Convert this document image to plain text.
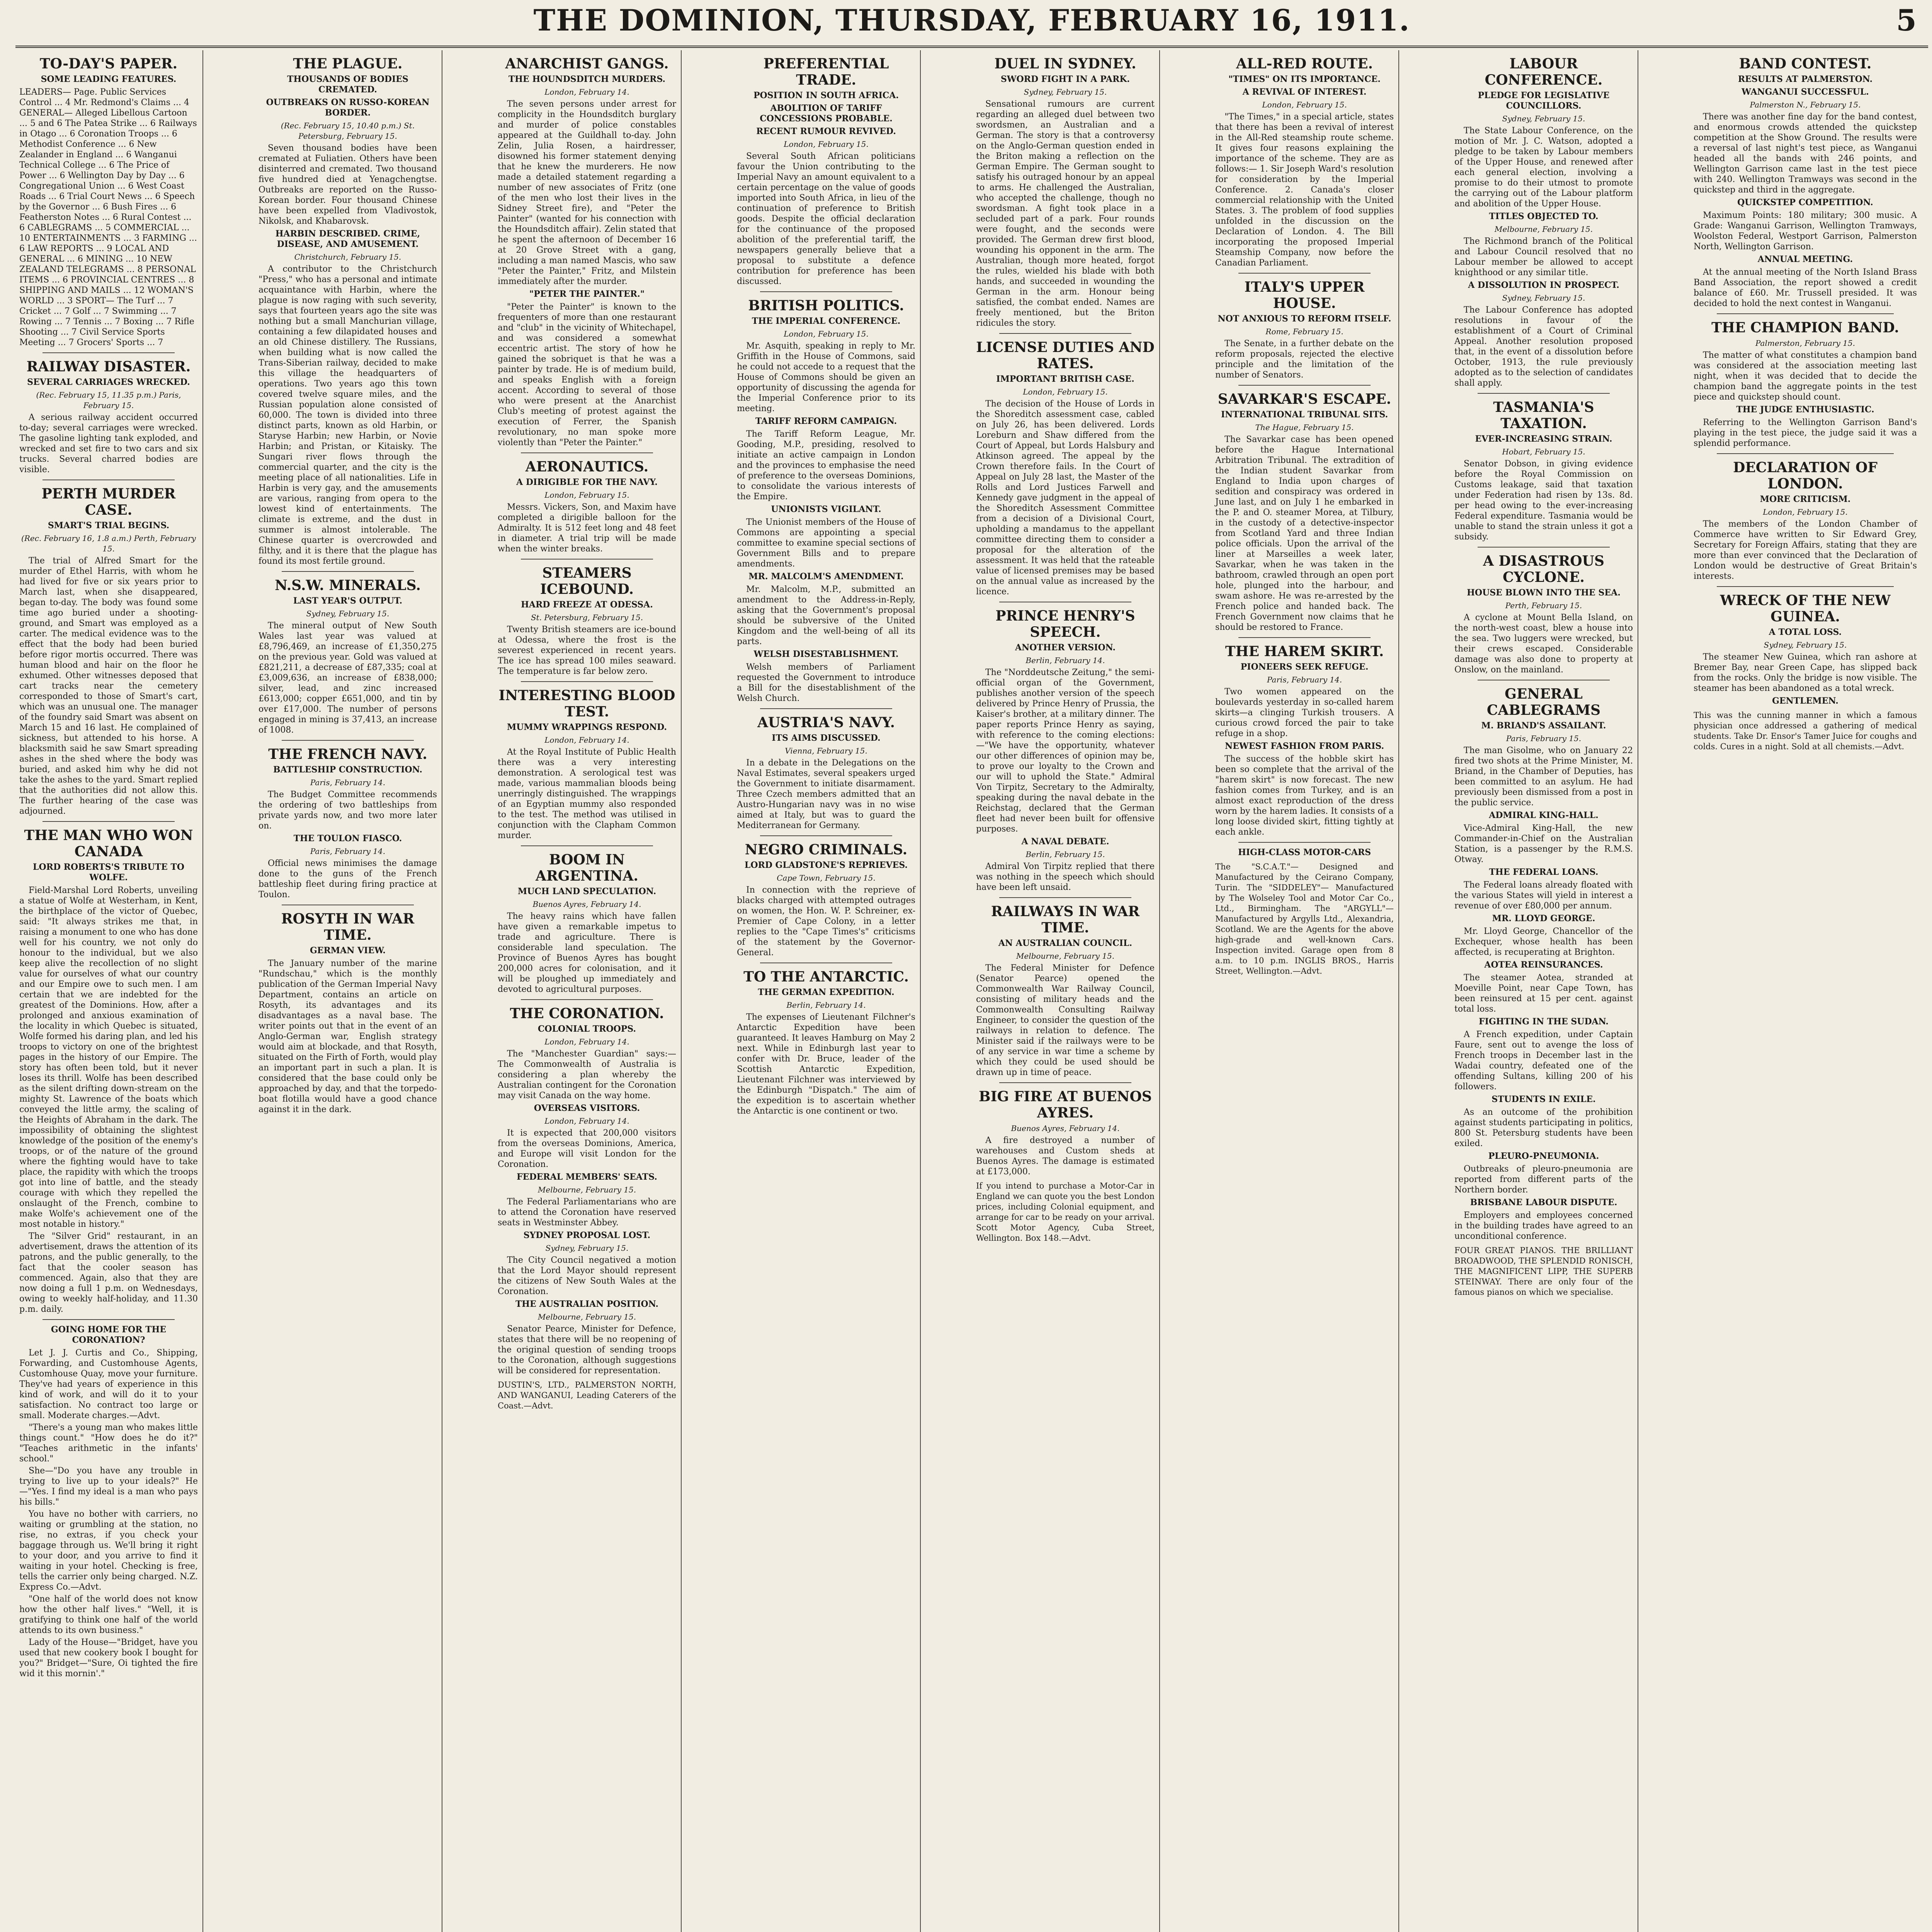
THE DOMINION, THURSDAY, FEBRUARY 16, 1911.	5
TO-DAY'S PAPER.
SOME LEADING FEATURES.
LEADERS— Page. Public Services Control ... 4 Mr. Redmond's Claims ... 4 GENERAL— Alleged Libellous Cartoon ... 5 and 6 The Patea Strike ... 6 Railways in Otago ... 6 Coronation Troops ... 6 Methodist Conference ... 6 New Zealander in England ... 6 Wanganui Technical College ... 6 The Price of Power ... 6 Wellington Day by Day ... 6 Congregational Union ... 6 West Coast Roads ... 6 Trial Court News ... 6 Speech by the Governor ... 6 Bush Fires ... 6 Featherston Notes ... 6 Rural Contest ... 6 CABLEGRAMS ... 5 COMMERCIAL ... 10 ENTERTAINMENTS ... 3 FARMING ... 6 LAW REPORTS ... 9 LOCAL AND GENERAL ... 6 MINING ... 10 NEW ZEALAND TELEGRAMS ... 8 PERSONAL ITEMS ... 6 PROVINCIAL CENTRES ... 8 SHIPPING AND MAILS ... 12 WOMAN'S WORLD ... 3 SPORT— The Turf ... 7 Cricket ... 7 Golf ... 7 Swimming ... 7 Rowing ... 7 Tennis ... 7 Boxing ... 7 Rifle Shooting ... 7 Civil Service Sports Meeting ... 7 Grocers' Sports ... 7
RAILWAY DISASTER.
SEVERAL CARRIAGES WRECKED.
(Rec. February 15, 11.35 p.m.) Paris, February 15.
A serious railway accident occurred to-day; several carriages were wrecked. The gasoline lighting tank exploded, and wrecked and set fire to two cars and six trucks. Several charred bodies are visible.
PERTH MURDER CASE.
SMART'S TRIAL BEGINS.
(Rec. February 16, 1.8 a.m.) Perth, February 15.
The trial of Alfred Smart for the murder of Ethel Harris, with whom he had lived for five or six years prior to March last, when she disappeared, began to-day. The body was found some time ago buried under a shooting-ground, and Smart was employed as a carter. The medical evidence was to the effect that the body had been buried before rigor mortis occurred. There was human blood and hair on the floor he exhumed. Other witnesses deposed that cart tracks near the cemetery corresponded to those of Smart's cart, which was an unusual one. The manager of the foundry said Smart was absent on March 15 and 16 last. He complained of sickness, but attended to his horse. A blacksmith said he saw Smart spreading ashes in the shed where the body was buried, and asked him why he did not take the ashes to the yard. Smart replied that the authorities did not allow this. The further hearing of the case was adjourned.
THE MAN WHO WON CANADA
LORD ROBERTS'S TRIBUTE TO WOLFE.
Field-Marshal Lord Roberts, unveiling a statue of Wolfe at Westerham, in Kent, the birthplace of the victor of Quebec, said: "It always strikes me that, in raising a monument to one who has done well for his country, we not only do honour to the individual, but we also keep alive the recollection of no slight value for ourselves of what our country and our Empire owe to such men. I am certain that we are indebted for the greatest of the Dominions. How, after a prolonged and anxious examination of the locality in which Quebec is situated, Wolfe formed his daring plan, and led his troops to victory on one of the brightest pages in the history of our Empire. The story has often been told, but it never loses its thrill. Wolfe has been described as the silent drifting down-stream on the mighty St. Lawrence of the boats which conveyed the little army, the scaling of the Heights of Abraham in the dark. The impossibility of obtaining the slightest knowledge of the position of the enemy's troops, or of the nature of the ground where the fighting would have to take place, the rapidity with which the troops got into line of battle, and the steady courage with which they repelled the onslaught of the French, combine to make Wolfe's achievement one of the most notable in history."
The "Silver Grid" restaurant, in an advertisement, draws the attention of its patrons, and the public generally, to the fact that the cooler season has commenced. Again, also that they are now doing a full 1 p.m. on Wednesdays, owing to weekly half-holiday, and 11.30 p.m. daily.
GOING HOME FOR THE CORONATION?
Let J. J. Curtis and Co., Shipping, Forwarding, and Customhouse Agents, Customhouse Quay, move your furniture. They've had years of experience in this kind of work, and will do it to your satisfaction. No contract too large or small. Moderate charges.—Advt.
"There's a young man who makes little things count." "How does he do it?" "Teaches arithmetic in the infants' school."
She—"Do you have any trouble in trying to live up to your ideals?" He—"Yes. I find my ideal is a man who pays his bills."
You have no bother with carriers, no waiting or grumbling at the station, no rise, no extras, if you check your baggage through us. We'll bring it right to your door, and you arrive to find it waiting in your hotel. Checking is free, tells the carrier only being charged. N.Z. Express Co.—Advt.
"One half of the world does not know how the other half lives." "Well, it is gratifying to think one half of the world attends to its own business."
Lady of the House—"Bridget, have you used that new cookery book I bought for you?" Bridget—"Sure, Oi tighted the fire wid it this mornin'."
THE PLAGUE.
THOUSANDS OF BODIES CREMATED.
OUTBREAKS ON RUSSO-KOREAN BORDER.
(Rec. February 15, 10.40 p.m.) St. Petersburg, February 15.
Seven thousand bodies have been cremated at Fuliatien. Others have been disinterred and cremated. Two thousand five hundred died at Yenagchengtse. Outbreaks are reported on the Russo-Korean border. Four thousand Chinese have been expelled from Vladivostok, Nikolsk, and Khabarovsk.
HARBIN DESCRIBED. CRIME, DISEASE, AND AMUSEMENT.
Christchurch, February 15.
A contributor to the Christchurch "Press," who has a personal and intimate acquaintance with Harbin, where the plague is now raging with such severity, says that fourteen years ago the site was nothing but a small Manchurian village, containing a few dilapidated houses and an old Chinese distillery. The Russians, when building what is now called the Trans-Siberian railway, decided to make this village the headquarters of operations. Two years ago this town covered twelve square miles, and the Russian population alone consisted of 60,000. The town is divided into three distinct parts, known as old Harbin, or Staryse Harbin; new Harbin, or Novie Harbin; and Pristan, or Kitaisky. The Sungari river flows through the commercial quarter, and the city is the meeting place of all nationalities. Life in Harbin is very gay, and the amusements are various, ranging from opera to the lowest kind of entertainments. The climate is extreme, and the dust in summer is almost intolerable. The Chinese quarter is overcrowded and filthy, and it is there that the plague has found its most fertile ground.
N.S.W. MINERALS.
LAST YEAR'S OUTPUT.
Sydney, February 15.
The mineral output of New South Wales last year was valued at £8,796,469, an increase of £1,350,275 on the previous year. Gold was valued at £821,211, a decrease of £87,335; coal at £3,009,636, an increase of £838,000; silver, lead, and zinc increased £613,000; copper £651,000, and tin by over £17,000. The number of persons engaged in mining is 37,413, an increase of 1008.
THE FRENCH NAVY.
BATTLESHIP CONSTRUCTION.
Paris, February 14.
The Budget Committee recommends the ordering of two battleships from private yards now, and two more later on.
THE TOULON FIASCO.
Paris, February 14.
Official news minimises the damage done to the guns of the French battleship fleet during firing practice at Toulon.
ROSYTH IN WAR TIME.
GERMAN VIEW.
The January number of the marine "Rundschau," which is the monthly publication of the German Imperial Navy Department, contains an article on Rosyth, its advantages and its disadvantages as a naval base. The writer points out that in the event of an Anglo-German war, English strategy would aim at blockade, and that Rosyth, situated on the Firth of Forth, would play an important part in such a plan. It is considered that the base could only be approached by day, and that the torpedo-boat flotilla would have a good chance against it in the dark.
ANARCHIST GANGS.
THE HOUNDSDITCH MURDERS.
London, February 14.
The seven persons under arrest for complicity in the Houndsditch burglary and murder of police constables appeared at the Guildhall to-day. John Zelin, Julia Rosen, a hairdresser, disowned his former statement denying that he knew the murderers. He now made a detailed statement regarding a number of new associates of Fritz (one of the men who lost their lives in the Sidney Street fire), and "Peter the Painter" (wanted for his connection with the Houndsditch affair). Zelin stated that he spent the afternoon of December 16 at 20 Grove Street with a gang, including a man named Mascis, who saw "Peter the Painter," Fritz, and Milstein immediately after the murder.
"PETER THE PAINTER."
"Peter the Painter" is known to the frequenters of more than one restaurant and "club" in the vicinity of Whitechapel, and was considered a somewhat eccentric artist. The story of how he gained the sobriquet is that he was a painter by trade. He is of medium build, and speaks English with a foreign accent. According to several of those who were present at the Anarchist Club's meeting of protest against the execution of Ferrer, the Spanish revolutionary, no man spoke more violently than "Peter the Painter."
AERONAUTICS.
A DIRIGIBLE FOR THE NAVY.
London, February 15.
Messrs. Vickers, Son, and Maxim have completed a dirigible balloon for the Admiralty. It is 512 feet long and 48 feet in diameter. A trial trip will be made when the winter breaks.
STEAMERS ICEBOUND.
HARD FREEZE AT ODESSA.
St. Petersburg, February 15.
Twenty British steamers are ice-bound at Odessa, where the frost is the severest experienced in recent years. The ice has spread 100 miles seaward. The temperature is far below zero.
INTERESTING BLOOD TEST.
MUMMY WRAPPINGS RESPOND.
London, February 14.
At the Royal Institute of Public Health there was a very interesting demonstration. A serological test was made, various mammalian bloods being unerringly distinguished. The wrappings of an Egyptian mummy also responded to the test. The method was utilised in conjunction with the Clapham Common murder.
BOOM IN ARGENTINA.
MUCH LAND SPECULATION.
Buenos Ayres, February 14.
The heavy rains which have fallen have given a remarkable impetus to trade and agriculture. There is considerable land speculation. The Province of Buenos Ayres has bought 200,000 acres for colonisation, and it will be ploughed up immediately and devoted to agricultural purposes.
THE CORONATION.
COLONIAL TROOPS.
London, February 14.
The "Manchester Guardian" says:— The Commonwealth of Australia is considering a plan whereby the Australian contingent for the Coronation may visit Canada on the way home.
OVERSEAS VISITORS.
London, February 14.
It is expected that 200,000 visitors from the overseas Dominions, America, and Europe will visit London for the Coronation.
FEDERAL MEMBERS' SEATS.
Melbourne, February 15.
The Federal Parliamentarians who are to attend the Coronation have reserved seats in Westminster Abbey.
SYDNEY PROPOSAL LOST.
Sydney, February 15.
The City Council negatived a motion that the Lord Mayor should represent the citizens of New South Wales at the Coronation.
THE AUSTRALIAN POSITION.
Melbourne, February 15.
Senator Pearce, Minister for Defence, states that there will be no reopening of the original question of sending troops to the Coronation, although suggestions will be considered for representation.
DUSTIN'S, LTD., PALMERSTON NORTH, AND WANGANUI, Leading Caterers of the Coast.—Advt.
PREFERENTIAL TRADE.
POSITION IN SOUTH AFRICA.
ABOLITION OF TARIFF CONCESSIONS PROBABLE.
RECENT RUMOUR REVIVED.
London, February 15.
Several South African politicians favour the Union contributing to the Imperial Navy an amount equivalent to a certain percentage on the value of goods imported into South Africa, in lieu of the continuation of preference to British goods. Despite the official declaration for the continuance of the proposed abolition of the preferential tariff, the newspapers generally believe that a proposal to substitute a defence contribution for preference has been discussed.
BRITISH POLITICS.
THE IMPERIAL CONFERENCE.
London, February 15.
Mr. Asquith, speaking in reply to Mr. Griffith in the House of Commons, said he could not accede to a request that the House of Commons should be given an opportunity of discussing the agenda for the Imperial Conference prior to its meeting.
TARIFF REFORM CAMPAIGN.
The Tariff Reform League, Mr. Gooding, M.P., presiding, resolved to initiate an active campaign in London and the provinces to emphasise the need of preference to the overseas Dominions, to consolidate the various interests of the Empire.
UNIONISTS VIGILANT.
The Unionist members of the House of Commons are appointing a special committee to examine special sections of Government Bills and to prepare amendments.
MR. MALCOLM'S AMENDMENT.
Mr. Malcolm, M.P., submitted an amendment to the Address-in-Reply, asking that the Government's proposal should be subversive of the United Kingdom and the well-being of all its parts.
WELSH DISESTABLISHMENT.
Welsh members of Parliament requested the Government to introduce a Bill for the disestablishment of the Welsh Church.
AUSTRIA'S NAVY.
ITS AIMS DISCUSSED.
Vienna, February 15.
In a debate in the Delegations on the Naval Estimates, several speakers urged the Government to initiate disarmament. Three Czech members admitted that an Austro-Hungarian navy was in no wise aimed at Italy, but was to guard the Mediterranean for Germany.
NEGRO CRIMINALS.
LORD GLADSTONE'S REPRIEVES.
Cape Town, February 15.
In connection with the reprieve of blacks charged with attempted outrages on women, the Hon. W. P. Schreiner, ex-Premier of Cape Colony, in a letter replies to the "Cape Times's" criticisms of the statement by the Governor-General.
TO THE ANTARCTIC.
THE GERMAN EXPEDITION.
Berlin, February 14.
The expenses of Lieutenant Filchner's Antarctic Expedition have been guaranteed. It leaves Hamburg on May 2 next. While in Edinburgh last year to confer with Dr. Bruce, leader of the Scottish Antarctic Expedition, Lieutenant Filchner was interviewed by the Edinburgh "Dispatch." The aim of the expedition is to ascertain whether the Antarctic is one continent or two.
DUEL IN SYDNEY.
SWORD FIGHT IN A PARK.
Sydney, February 15.
Sensational rumours are current regarding an alleged duel between two swordsmen, an Australian and a German. The story is that a controversy on the Anglo-German question ended in the Briton making a reflection on the German Empire. The German sought to satisfy his outraged honour by an appeal to arms. He challenged the Australian, who accepted the challenge, though no swordsman. A fight took place in a secluded part of a park. Four rounds were fought, and the seconds were provided. The German drew first blood, wounding his opponent in the arm. The Australian, though more heated, forgot the rules, wielded his blade with both hands, and succeeded in wounding the German in the arm. Honour being satisfied, the combat ended. Names are freely mentioned, but the Briton ridicules the story.
LICENSE DUTIES AND RATES.
IMPORTANT BRITISH CASE.
London, February 15.
The decision of the House of Lords in the Shoreditch assessment case, cabled on July 26, has been delivered. Lords Loreburn and Shaw differed from the Court of Appeal, but Lords Halsbury and Atkinson agreed. The appeal by the Crown therefore fails. In the Court of Appeal on July 28 last, the Master of the Rolls and Lord Justices Farwell and Kennedy gave judgment in the appeal of the Shoreditch Assessment Committee from a decision of a Divisional Court, upholding a mandamus to the appellant committee directing them to consider a proposal for the alteration of the assessment. It was held that the rateable value of licensed premises may be based on the annual value as increased by the licence.
PRINCE HENRY'S SPEECH.
ANOTHER VERSION.
Berlin, February 14.
The "Norddeutsche Zeitung," the semi-official organ of the Government, publishes another version of the speech delivered by Prince Henry of Prussia, the Kaiser's brother, at a military dinner. The paper reports Prince Henry as saying, with reference to the coming elections:—"We have the opportunity, whatever our other differences of opinion may be, to prove our loyalty to the Crown and our will to uphold the State." Admiral Von Tirpitz, Secretary to the Admiralty, speaking during the naval debate in the Reichstag, declared that the German fleet had never been built for offensive purposes.
A NAVAL DEBATE.
Berlin, February 15.
Admiral Von Tirpitz replied that there was nothing in the speech which should have been left unsaid.
RAILWAYS IN WAR TIME.
AN AUSTRALIAN COUNCIL.
Melbourne, February 15.
The Federal Minister for Defence (Senator Pearce) opened the Commonwealth War Railway Council, consisting of military heads and the Commonwealth Consulting Railway Engineer, to consider the question of the railways in relation to defence. The Minister said if the railways were to be of any service in war time a scheme by which they could be used should be drawn up in time of peace.
BIG FIRE AT BUENOS AYRES.
Buenos Ayres, February 14.
A fire destroyed a number of warehouses and Custom sheds at Buenos Ayres. The damage is estimated at £173,000.
If you intend to purchase a Motor-Car in England we can quote you the best London prices, including Colonial equipment, and arrange for car to be ready on your arrival. Scott Motor Agency, Cuba Street, Wellington. Box 148.—Advt.
ALL-RED ROUTE.
"TIMES" ON ITS IMPORTANCE.
A REVIVAL OF INTEREST.
London, February 15.
"The Times," in a special article, states that there has been a revival of interest in the All-Red steamship route scheme. It gives four reasons explaining the importance of the scheme. They are as follows:— 1. Sir Joseph Ward's resolution for consideration by the Imperial Conference. 2. Canada's closer commercial relationship with the United States. 3. The problem of food supplies unfolded in the discussion on the Declaration of London. 4. The Bill incorporating the proposed Imperial Steamship Company, now before the Canadian Parliament.
ITALY'S UPPER HOUSE.
NOT ANXIOUS TO REFORM ITSELF.
Rome, February 15.
The Senate, in a further debate on the reform proposals, rejected the elective principle and the limitation of the number of Senators.
SAVARKAR'S ESCAPE.
INTERNATIONAL TRIBUNAL SITS.
The Hague, February 15.
The Savarkar case has been opened before the Hague International Arbitration Tribunal. The extradition of the Indian student Savarkar from England to India upon charges of sedition and conspiracy was ordered in June last, and on July 1 he embarked in the P. and O. steamer Morea, at Tilbury, in the custody of a detective-inspector from Scotland Yard and three Indian police officials. Upon the arrival of the liner at Marseilles a week later, Savarkar, when he was taken in the bathroom, crawled through an open port hole, plunged into the harbour, and swam ashore. He was re-arrested by the French police and handed back. The French Government now claims that he should be restored to France.
THE HAREM SKIRT.
PIONEERS SEEK REFUGE.
Paris, February 14.
Two women appeared on the boulevards yesterday in so-called harem skirts—a clinging Turkish trousers. A curious crowd forced the pair to take refuge in a shop.
NEWEST FASHION FROM PARIS.
The success of the hobble skirt has been so complete that the arrival of the "harem skirt" is now forecast. The new fashion comes from Turkey, and is an almost exact reproduction of the dress worn by the harem ladies. It consists of a long loose divided skirt, fitting tightly at each ankle.
HIGH-CLASS MOTOR-CARS
The "S.C.A.T."— Designed and Manufactured by the Ceirano Company, Turin. The "SIDDELEY"— Manufactured by The Wolseley Tool and Motor Car Co., Ltd., Birmingham. The "ARGYLL"— Manufactured by Argylls Ltd., Alexandria, Scotland. We are the Agents for the above high-grade and well-known Cars. Inspection invited. Garage open from 8 a.m. to 10 p.m. INGLIS BROS., Harris Street, Wellington.—Advt.
LABOUR CONFERENCE.
PLEDGE FOR LEGISLATIVE COUNCILLORS.
Sydney, February 15.
The State Labour Conference, on the motion of Mr. J. C. Watson, adopted a pledge to be taken by Labour members of the Upper House, and renewed after each general election, involving a promise to do their utmost to promote the carrying out of the Labour platform and abolition of the Upper House.
TITLES OBJECTED TO.
Melbourne, February 15.
The Richmond branch of the Political and Labour Council resolved that no Labour member be allowed to accept knighthood or any similar title.
A DISSOLUTION IN PROSPECT.
Sydney, February 15.
The Labour Conference has adopted resolutions in favour of the establishment of a Court of Criminal Appeal. Another resolution proposed that, in the event of a dissolution before October, 1913, the rule previously adopted as to the selection of candidates shall apply.
TASMANIA'S TAXATION.
EVER-INCREASING STRAIN.
Hobart, February 15.
Senator Dobson, in giving evidence before the Royal Commission on Customs leakage, said that taxation under Federation had risen by 13s. 8d. per head owing to the ever-increasing Federal expenditure. Tasmania would be unable to stand the strain unless it got a subsidy.
A DISASTROUS CYCLONE.
HOUSE BLOWN INTO THE SEA.
Perth, February 15.
A cyclone at Mount Bella Island, on the north-west coast, blew a house into the sea. Two luggers were wrecked, but their crews escaped. Considerable damage was also done to property at Onslow, on the mainland.
GENERAL CABLEGRAMS
M. BRIAND'S ASSAILANT.
Paris, February 15.
The man Gisolme, who on January 22 fired two shots at the Prime Minister, M. Briand, in the Chamber of Deputies, has been committed to an asylum. He had previously been dismissed from a post in the public service.
ADMIRAL KING-HALL.
Vice-Admiral King-Hall, the new Commander-in-Chief on the Australian Station, is a passenger by the R.M.S. Otway.
THE FEDERAL LOANS.
The Federal loans already floated with the various States will yield in interest a revenue of over £80,000 per annum.
MR. LLOYD GEORGE.
Mr. Lloyd George, Chancellor of the Exchequer, whose health has been affected, is recuperating at Brighton.
AOTEA REINSURANCES.
The steamer Aotea, stranded at Moeville Point, near Cape Town, has been reinsured at 15 per cent. against total loss.
FIGHTING IN THE SUDAN.
A French expedition, under Captain Faure, sent out to avenge the loss of French troops in December last in the Wadai country, defeated one of the offending Sultans, killing 200 of his followers.
STUDENTS IN EXILE.
As an outcome of the prohibition against students participating in politics, 800 St. Petersburg students have been exiled.
PLEURO-PNEUMONIA.
Outbreaks of pleuro-pneumonia are reported from different parts of the Northern border.
BRISBANE LABOUR DISPUTE.
Employers and employees concerned in the building trades have agreed to an unconditional conference.
FOUR GREAT PIANOS. THE BRILLIANT BROADWOOD, THE SPLENDID RONISCH, THE MAGNIFICENT LIPP, THE SUPERB STEINWAY. There are only four of the famous pianos on which we specialise.
BAND CONTEST.
RESULTS AT PALMERSTON.
WANGANUI SUCCESSFUL.
Palmerston N., February 15.
There was another fine day for the band contest, and enormous crowds attended the quickstep competition at the Show Ground. The results were a reversal of last night's test piece, as Wanganui headed all the bands with 246 points, and Wellington Garrison came last in the test piece with 240. Wellington Tramways was second in the quickstep and third in the aggregate.
QUICKSTEP COMPETITION.
Maximum Points: 180 military; 300 music. A Grade: Wanganui Garrison, Wellington Tramways, Woolston Federal, Westport Garrison, Palmerston North, Wellington Garrison.
ANNUAL MEETING.
At the annual meeting of the North Island Brass Band Association, the report showed a credit balance of £60. Mr. Trussell presided. It was decided to hold the next contest in Wanganui.
THE CHAMPION BAND.
Palmerston, February 15.
The matter of what constitutes a champion band was considered at the association meeting last night, when it was decided that to decide the champion band the aggregate points in the test piece and quickstep should count.
THE JUDGE ENTHUSIASTIC.
Referring to the Wellington Garrison Band's playing in the test piece, the judge said it was a splendid performance.
DECLARATION OF LONDON.
MORE CRITICISM.
London, February 15.
The members of the London Chamber of Commerce have written to Sir Edward Grey, Secretary for Foreign Affairs, stating that they are more than ever convinced that the Declaration of London would be destructive of Great Britain's interests.
WRECK OF THE NEW GUINEA.
A TOTAL LOSS.
Sydney, February 15.
The steamer New Guinea, which ran ashore at Bremer Bay, near Green Cape, has slipped back from the rocks. Only the bridge is now visible. The steamer has been abandoned as a total wreck.
GENTLEMEN.
This was the cunning manner in which a famous physician once addressed a gathering of medical students. Take Dr. Ensor's Tamer Juice for coughs and colds. Cures in a night. Sold at all chemists.—Advt.
